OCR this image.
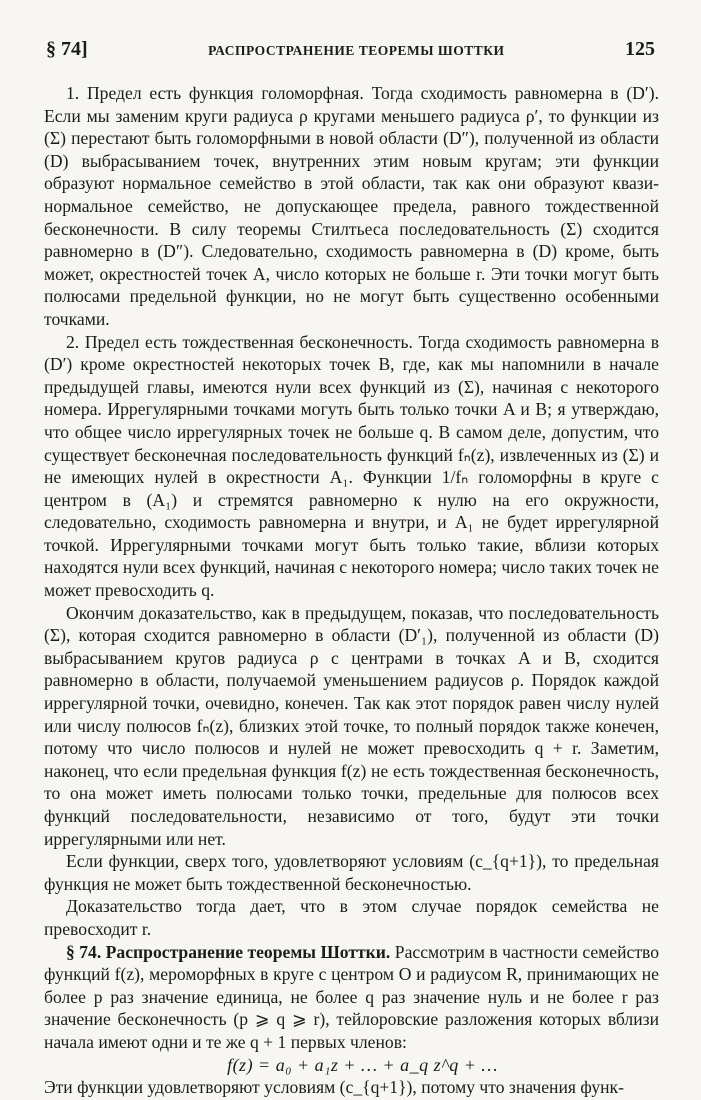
§ 74]	РАСПРОСТРАНЕНИЕ ТЕОРЕМЫ ШОТТКИ	125

1. Предел есть функция голоморфная. Тогда сходимость равномерна в (D′). Если мы заменим круги радиуса ρ кругами меньшего радиуса ρ′, то функции из (Σ) перестают быть голоморфными в новой области (D″), полученной из области (D) выбрасыванием точек, внутренних этим новым кругам; эти функции образуют нормальное семейство в этой области, так как они образуют квази-нормальное семейство, не допускающее предела, равного тождественной бесконечности. В силу теоремы Стилтьеса последовательность (Σ) сходится равномерно в (D″). Следовательно, сходимость равномерна в (D) кроме, быть может, окрестностей точек A, число которых не больше r. Эти точки могут быть полюсами предельной функции, но не могут быть существенно особенными точками.

2. Предел есть тождественная бесконечность. Тогда сходимость равномерна в (D′) кроме окрестностей некоторых точек B, где, как мы напомнили в начале предыдущей главы, имеются нули всех функций из (Σ), начиная с некоторого номера. Иррегулярными точками могуть быть только точки A и B; я утверждаю, что общее число иррегулярных точек не больше q. В самом деле, допустим, что существует бесконечная последовательность функций fₙ(z), извлеченных из (Σ) и не имеющих нулей в окрестности A₁. Функции 1/fₙ голоморфны в круге с центром в (A₁) и стремятся равномерно к нулю на его окружности, следовательно, сходимость равномерна и внутри, и A₁ не будет иррегулярной точкой. Иррегулярными точками могут быть только такие, вблизи которых находятся нули всех функций, начиная с некоторого номера; число таких точек не может превосходить q.

Окончим доказательство, как в предыдущем, показав, что последовательность (Σ), которая сходится равномерно в области (D′₁), полученной из области (D) выбрасыванием кругов радиуса ρ с центрами в точках A и B, сходится равномерно в области, получаемой уменьшением радиусов ρ. Порядок каждой иррегулярной точки, очевидно, конечен. Так как этот порядок равен числу нулей или числу полюсов fₙ(z), близких этой точке, то полный порядок также конечен, потому что число полюсов и нулей не может превосходить q + r. Заметим, наконец, что если предельная функция f(z) не есть тождественная бесконечность, то она может иметь полюсами только точки, предельные для полюсов всех функций последовательности, независимо от того, будут эти точки иррегулярными или нет.

Если функции, сверх того, удовлетворяют условиям (c_{q+1}), то предельная функция не может быть тождественной бесконечностью.

Доказательство тогда дает, что в этом случае порядок семейства не превосходит r.

§ 74. Распространение теоремы Шоттки. Рассмотрим в частности семейство функций f(z), мероморфных в круге с центром O и радиусом R, принимающих не более p раз значение единица, не более q раз значение нуль и не более r раз значение бесконечность (p ⩾ q ⩾ r), тейлоровские разложения которых вблизи начала имеют одни и те же q + 1 первых членов:

f(z) = a₀ + a₁z + … + a_q z^q + …

Эти функции удовлетворяют условиям (c_{q+1}), потому что значения функ-
